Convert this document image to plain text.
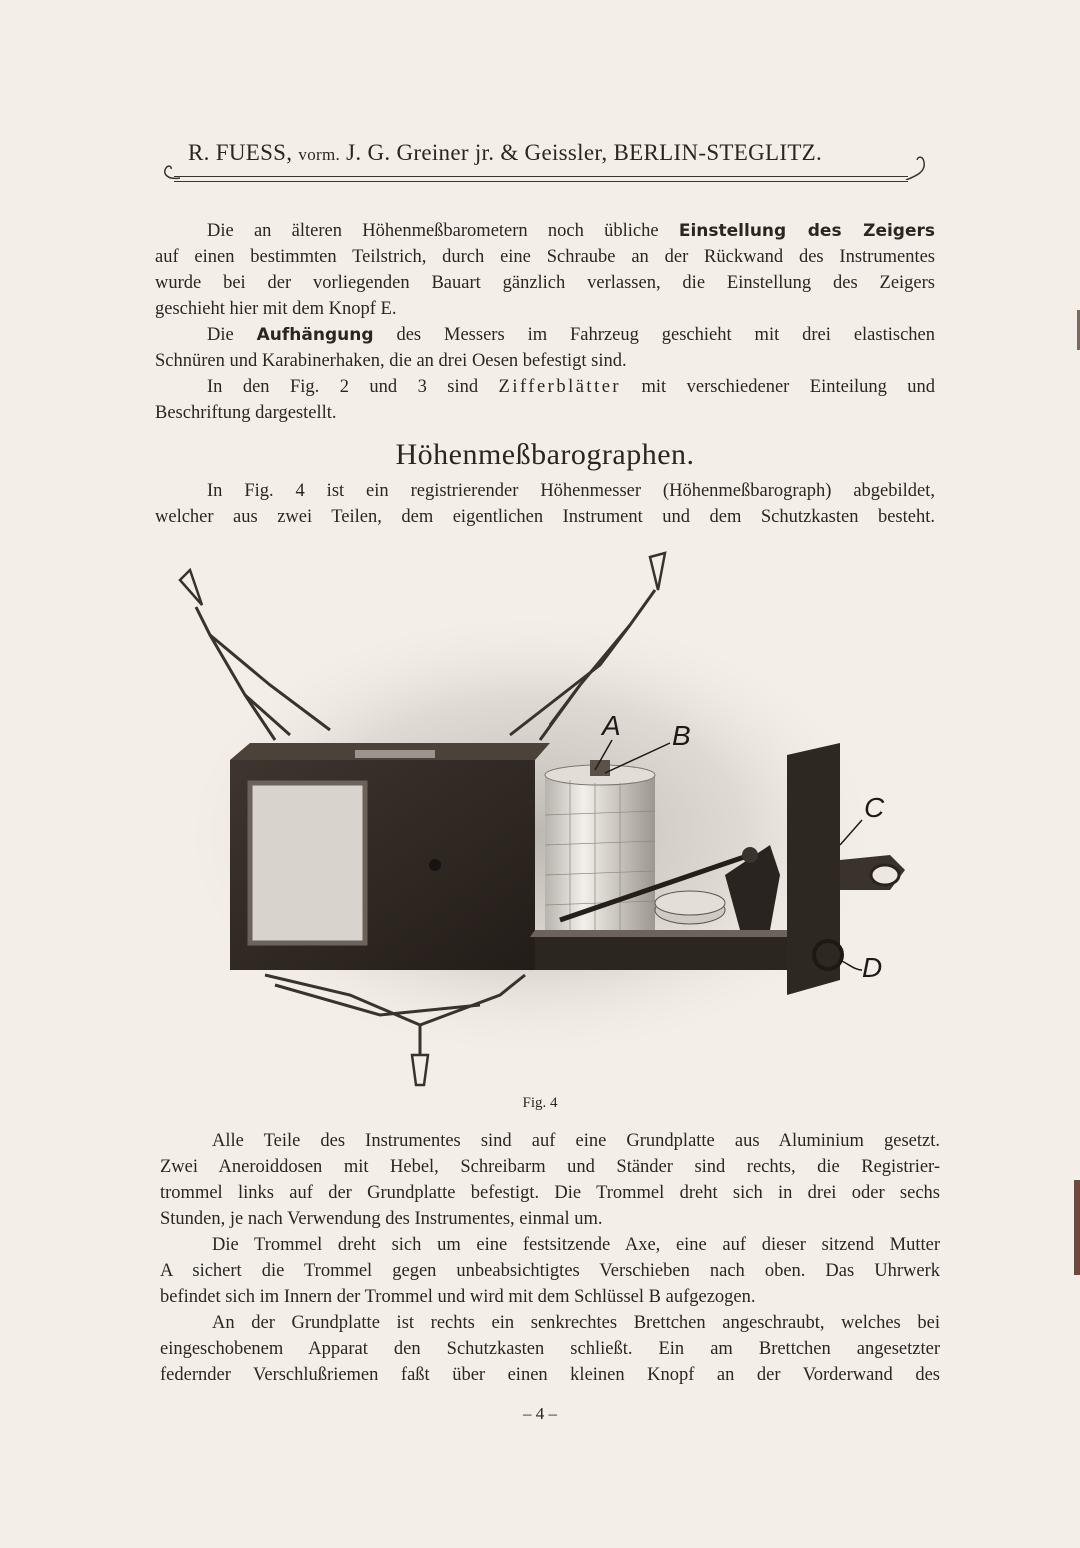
R. FUESS, vorm. J. G. Greiner jr. & Geissler, BERLIN-STEGLITZ.
Die an älteren Höhenmeßbarometern noch übliche Einstellung des Zeigers
auf einen bestimmten Teilstrich, durch eine Schraube an der Rückwand des Instrumentes
wurde bei der vorliegenden Bauart gänzlich verlassen, die Einstellung des Zeigers
geschieht hier mit dem Knopf E.
Die Aufhängung des Messers im Fahrzeug geschieht mit drei elastischen
Schnüren und Karabinerhaken, die an drei Oesen befestigt sind.
In den Fig. 2 und 3 sind Zifferblätter mit verschiedener Einteilung und
Beschriftung dargestellt.
Höhenmeßbarographen.
In Fig. 4 ist ein registrierender Höhenmesser (Höhenmeßbarograph) abgebildet,
welcher aus zwei Teilen, dem eigentlichen Instrument und dem Schutzkasten besteht.
A B
C
D
Fig. 4
Alle Teile des Instrumentes sind auf eine Grundplatte aus Aluminium gesetzt.
Zwei Aneroiddosen mit Hebel, Schreibarm und Ständer sind rechts, die Registrier-
trommel links auf der Grundplatte befestigt. Die Trommel dreht sich in drei oder sechs
Stunden, je nach Verwendung des Instrumentes, einmal um.
Die Trommel dreht sich um eine festsitzende Axe, eine auf dieser sitzend Mutter
A sichert die Trommel gegen unbeabsichtigtes Verschieben nach oben. Das Uhrwerk
befindet sich im Innern der Trommel und wird mit dem Schlüssel B aufgezogen.
An der Grundplatte ist rechts ein senkrechtes Brettchen angeschraubt, welches bei
eingeschobenem Apparat den Schutzkasten schließt. Ein am Brettchen angesetzter
federnder Verschlußriemen faßt über einen kleinen Knopf an der Vorderwand des
– 4 –
